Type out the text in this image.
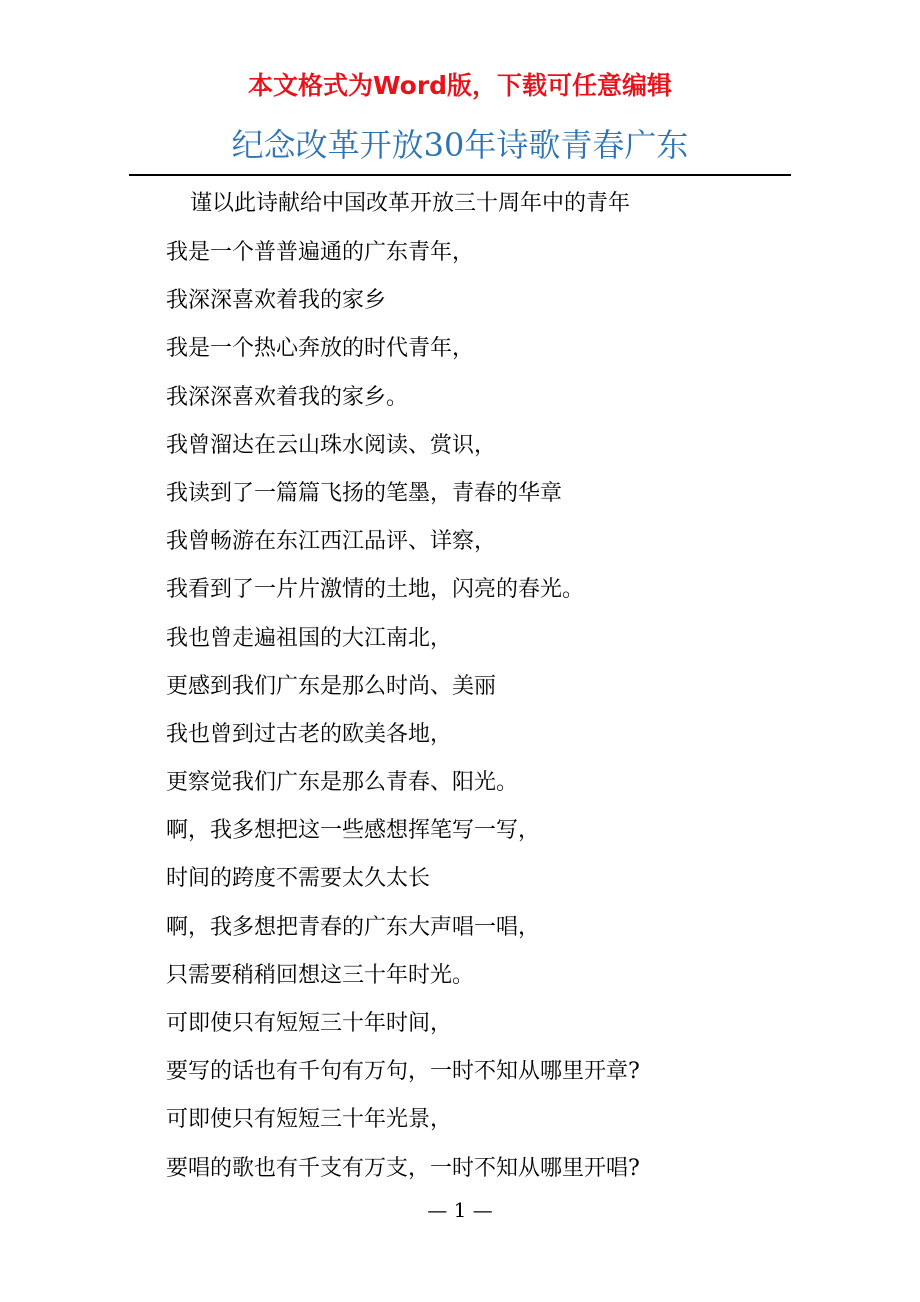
本文格式为Word版，下载可任意编辑
纪念改革开放30年诗歌青春广东
谨以此诗献给中国改革开放三十周年中的青年
我是一个普普遍通的广东青年，
我深深喜欢着我的家乡
我是一个热心奔放的时代青年，
我深深喜欢着我的家乡。
我曾溜达在云山珠水阅读、赏识，
我读到了一篇篇飞扬的笔墨，青春的华章
我曾畅游在东江西江品评、详察，
我看到了一片片激情的土地，闪亮的春光。
我也曾走遍祖国的大江南北，
更感到我们广东是那么时尚、美丽
我也曾到过古老的欧美各地，
更察觉我们广东是那么青春、阳光。
啊，我多想把这一些感想挥笔写一写，
时间的跨度不需要太久太长
啊，我多想把青春的广东大声唱一唱，
只需要稍稍回想这三十年时光。
可即使只有短短三十年时间，
要写的话也有千句有万句，一时不知从哪里开章?
可即使只有短短三十年光景，
要唱的歌也有千支有万支，一时不知从哪里开唱?
— 1 —
